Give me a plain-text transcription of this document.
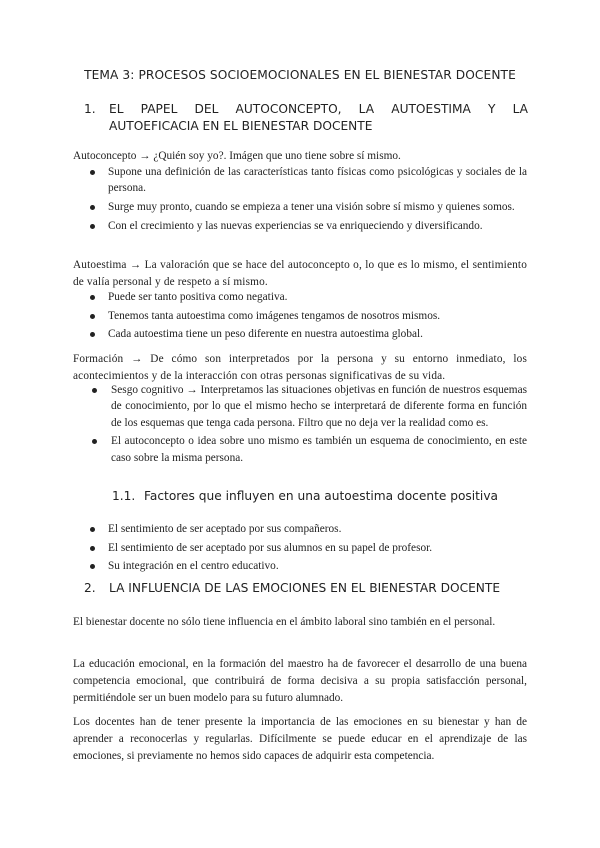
TEMA 3: PROCESOS SOCIOEMOCIONALES EN EL BIENESTAR DOCENTE
1. EL PAPEL DEL AUTOCONCEPTO, LA AUTOESTIMA Y LA
AUTOEFICACIA EN EL BIENESTAR DOCENTE
Autoconcepto → ¿Quién soy yo?. Imágen que uno tiene sobre sí mismo.
Supone una definición de las características tanto físicas como psicológicas y sociales de la persona.
Surge muy pronto, cuando se empieza a tener una visión sobre sí mismo y quienes somos.
Con el crecimiento y las nuevas experiencias se va enriqueciendo y diversificando.
Autoestima → La valoración que se hace del autoconcepto o, lo que es lo mismo, el sentimiento de valía personal y de respeto a sí mismo.
Puede ser tanto positiva como negativa.
Tenemos tanta autoestima como imágenes tengamos de nosotros mismos.
Cada autoestima tiene un peso diferente en nuestra autoestima global.
Formación → De cómo son interpretados por la persona y su entorno inmediato, los acontecimientos y de la interacción con otras personas significativas de su vida.
Sesgo cognitivo → Interpretamos las situaciones objetivas en función de nuestros esquemas de conocimiento, por lo que el mismo hecho se interpretará de diferente forma en función de los esquemas que tenga cada persona. Filtro que no deja ver la realidad como es.
El autoconcepto o idea sobre uno mismo es también un esquema de conocimiento, en este caso sobre la misma persona.
1.1. Factores que influyen en una autoestima docente positiva
El sentimiento de ser aceptado por sus compañeros.
El sentimiento de ser aceptado por sus alumnos en su papel de profesor.
Su integración en el centro educativo.
2. LA INFLUENCIA DE LAS EMOCIONES EN EL BIENESTAR DOCENTE
El bienestar docente no sólo tiene influencia en el ámbito laboral sino también en el personal.
La educación emocional, en la formación del maestro ha de favorecer el desarrollo de una buena competencia emocional, que contribuirá de forma decisiva a su propia satisfacción personal, permitiéndole ser un buen modelo para su futuro alumnado.
Los docentes han de tener presente la importancia de las emociones en su bienestar y han de aprender a reconocerlas y regularlas. Difícilmente se puede educar en el aprendizaje de las emociones, si previamente no hemos sido capaces de adquirir esta competencia.
